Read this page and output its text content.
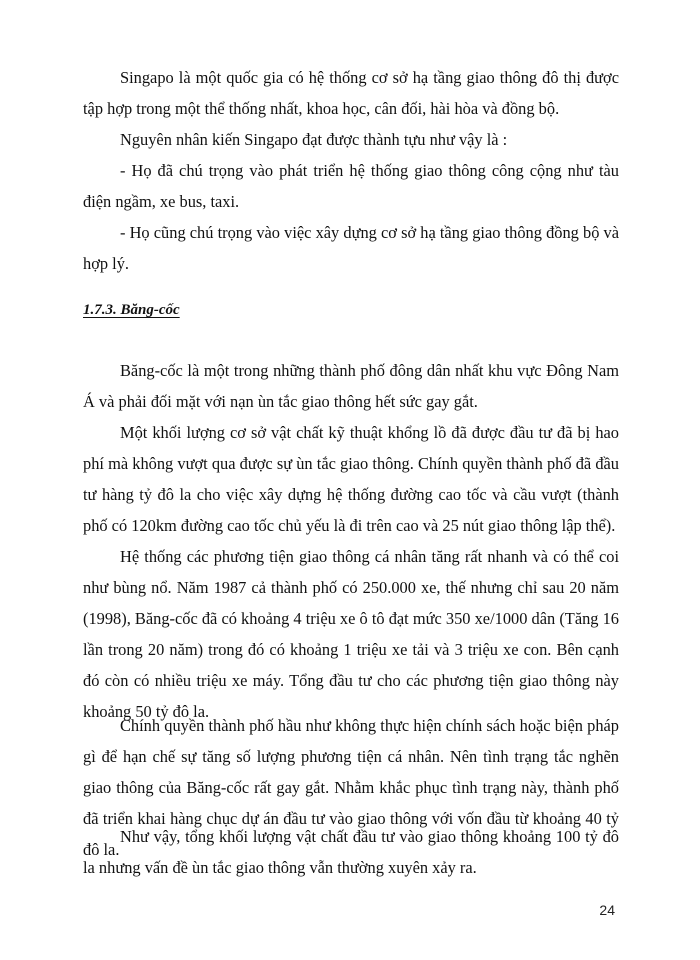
Singapo là một quốc gia có hệ thống cơ sở hạ tầng giao thông đô thị được tập hợp trong một thể thống nhất, khoa học, cân đối, hài hòa và đồng bộ.

Nguyên nhân kiến Singapo đạt được thành tựu như vậy là :

- Họ đã chú trọng vào phát triển hệ thống giao thông công cộng như tàu điện ngầm, xe bus, taxi.

- Họ cũng chú trọng vào việc xây dựng cơ sở hạ tầng giao thông đồng bộ và hợp lý.

1.7.3. Băng-cốc

Băng-cốc là một trong những thành phố đông dân nhất khu vực Đông Nam Á và phải đối mặt với nạn ùn tắc giao thông hết sức gay gắt.

Một khối lượng cơ sở vật chất kỹ thuật khổng lồ đã được đầu tư đã bị hao phí mà không vượt qua được sự ùn tắc giao thông. Chính quyền thành phố đã đầu tư hàng tỷ đô la cho việc xây dựng hệ thống đường cao tốc và cầu vượt (thành phố có 120km đường cao tốc chủ yếu là đi trên cao và 25 nút giao thông lập thể).

Hệ thống các phương tiện giao thông cá nhân tăng rất nhanh và có thể coi như bùng nổ. Năm 1987 cả thành phố có 250.000 xe, thế nhưng chỉ sau 20 năm (1998), Băng-cốc đã có khoảng 4 triệu xe ô tô đạt mức 350 xe/1000 dân (Tăng 16 lần trong 20 năm) trong đó có khoảng 1 triệu xe tải và 3 triệu xe con. Bên cạnh đó còn có nhiều triệu xe máy. Tổng đầu tư cho các phương tiện giao thông này khoảng 50 tỷ đô la.

Chính quyền thành phố hầu như không thực hiện chính sách hoặc biện pháp gì để hạn chế sự tăng số lượng phương tiện cá nhân. Nên tình trạng tắc nghẽn giao thông của Băng-cốc rất gay gắt. Nhằm khắc phục tình trạng này, thành phố đã triển khai hàng chục dự án đầu tư vào giao thông với vốn đầu từ khoảng 40 tỷ đô la.

Như vậy, tổng khối lượng vật chất đầu tư vào giao thông khoảng 100 tỷ đô la nhưng vấn đề ùn tắc giao thông vẫn thường xuyên xảy ra.

24
